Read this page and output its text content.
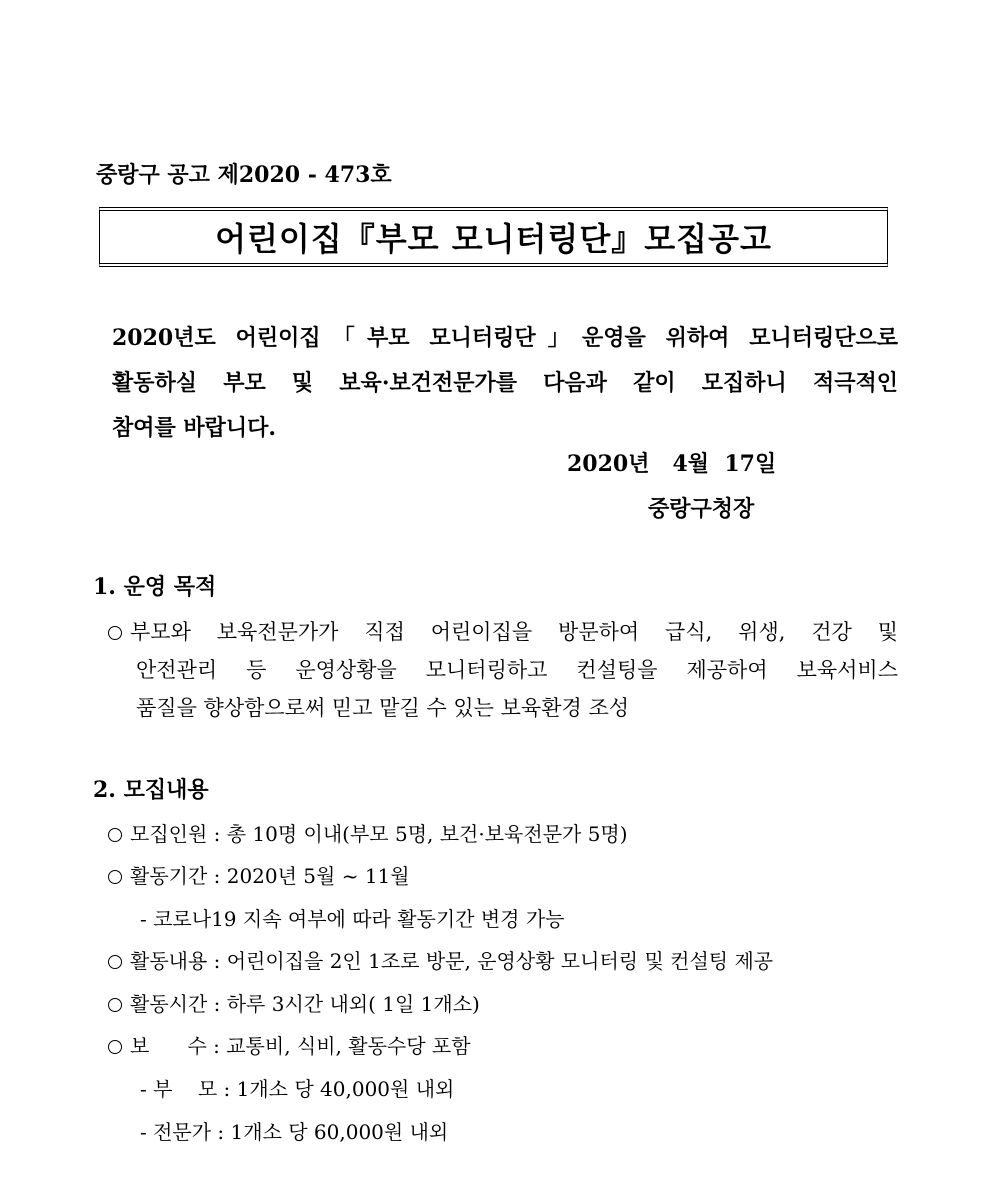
중랑구 공고 제2020 - 473호
어린이집『부모 모니터링단』모집공고
2020년도 어린이집「부모 모니터링단」운영을 위하여 모니터링단으로
활동하실 부모 및 보육·보건전문가를 다음과 같이 모집하니 적극적인
참여를 바랍니다.
2020년   4월  17일
중랑구청장
1. 운영 목적
부모와 보육전문가가 직접 어린이집을 방문하여 급식, 위생, 건강 및
안전관리 등 운영상황을 모니터링하고 컨설팅을 제공하여 보육서비스
품질을 향상함으로써 믿고 맡길 수 있는 보육환경 조성
2. 모집내용
모집인원 : 총 10명 이내(부모 5명, 보건·보육전문가 5명)
활동기간 : 2020년 5월 ~ 11월
- 코로나19 지속 여부에 따라 활동기간 변경 가능
활동내용 : 어린이집을 2인 1조로 방문, 운영상황 모니터링 및 컨설팅 제공
활동시간 : 하루 3시간 내외( 1일 1개소)
보      수 : 교통비, 식비, 활동수당 포함
- 부    모 : 1개소 당 40,000원 내외
- 전문가 : 1개소 당 60,000원 내외
